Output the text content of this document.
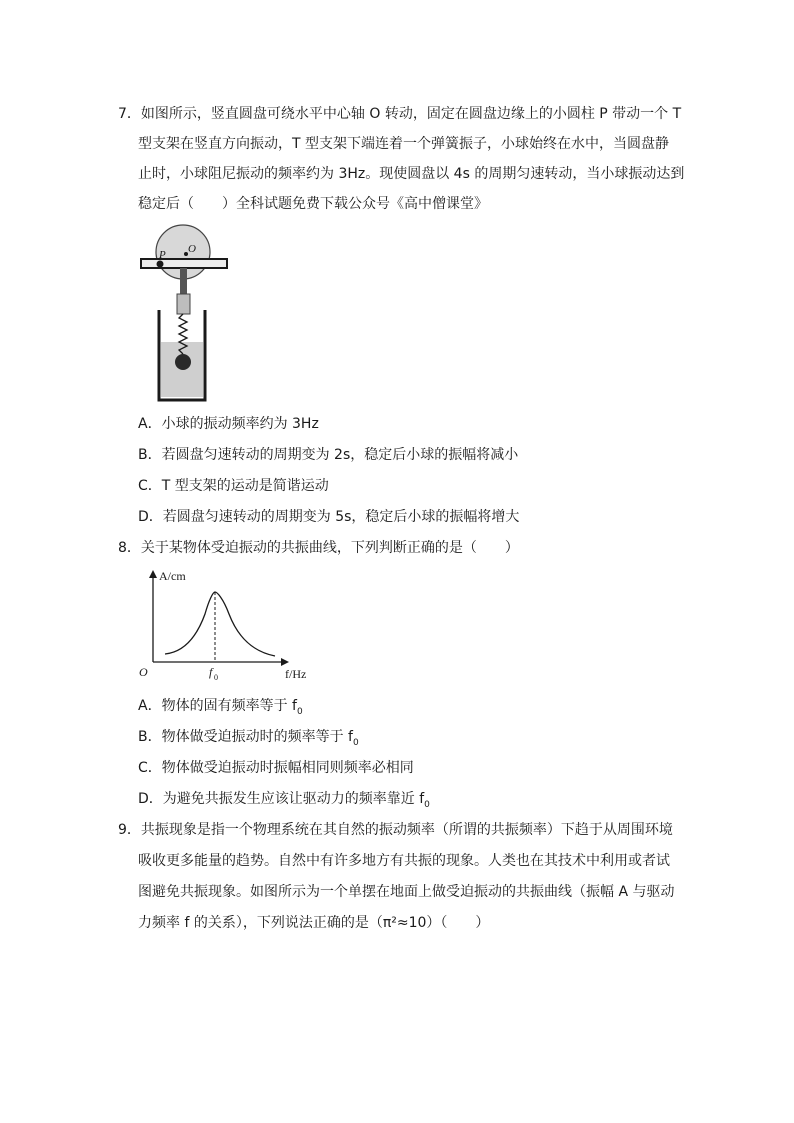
7．如图所示，竖直圆盘可绕水平中心轴 O 转动，固定在圆盘边缘上的小圆柱 P 带动一个 T
型支架在竖直方向振动，T 型支架下端连着一个弹簧振子，小球始终在水中，当圆盘静
止时，小球阻尼振动的频率约为 3Hz。现使圆盘以 4s 的周期匀速转动，当小球振动达到
稳定后（　　）全科试题免费下载公众号《高中僧课堂》
P O
A．小球的振动频率约为 3Hz
B．若圆盘匀速转动的周期变为 2s，稳定后小球的振幅将减小
C．T 型支架的运动是简谐运动
D．若圆盘匀速转动的周期变为 5s，稳定后小球的振幅将增大
8．关于某物体受迫振动的共振曲线，下列判断正确的是（　　）
A/cm
f/Hz
O	f 0
A．物体的固有频率等于 $f_0$
B．物体做受迫振动时的频率等于 $f_0$
C．物体做受迫振动时振幅相同则频率必相同
D．为避免共振发生应该让驱动力的频率靠近 $f_0$
9．共振现象是指一个物理系统在其自然的振动频率（所谓的共振频率）下趋于从周围环境
吸收更多能量的趋势。自然中有许多地方有共振的现象。人类也在其技术中利用或者试
图避免共振现象。如图所示为一个单摆在地面上做受迫振动的共振曲线（振幅 A 与驱动
力频率 f 的关系），下列说法正确的是（π²≈10）（　　）
